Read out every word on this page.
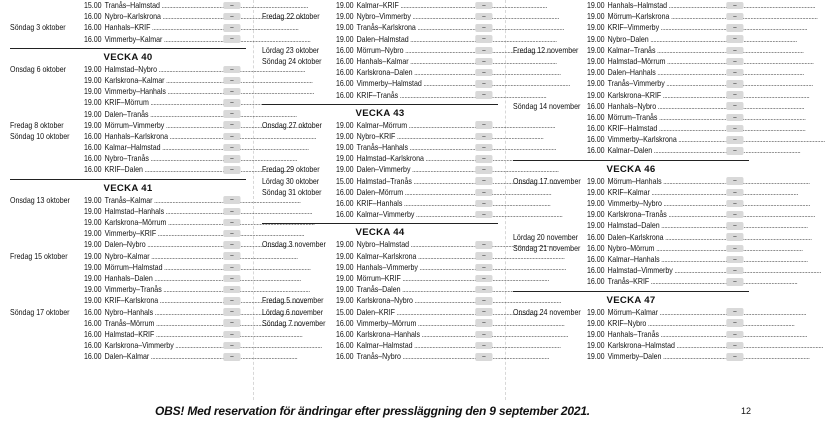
15.00 Tranås–Halmstad .....	–
16.00 Nybro–Karlskrona .....	–
Söndag 3 oktober	16.00 Hanhals–KRIF .....	–
16.00 Vimmerby–Kalmar .....	–
VECKA 40
Onsdag 6 oktober	19.00 Halmstad–Nybro .....	–
19.00 Karlskrona–Kalmar .....	–
19.00 Vimmerby–Hanhals .....	–
19.00 KRIF–Mörrum .....	–
19.00 Dalen–Tranås .....	–
Fredag 8 oktober	19.00 Mörrum–Vimmerby .....	–
Söndag 10 oktober	16.00 Hanhals–Karlskrona .....	–
16.00 Kalmar–Halmstad .....	–
16.00 Nybro–Tranås .....	–
16.00 KRIF–Dalen .....	–
VECKA 41
Onsdag 13 oktober	19.00 Tranås–Kalmar .....	–
19.00 Halmstad–Hanhals .....	–
19.00 Karlskrona–Mörrum .....	–
19.00 Vimmerby–KRIF .....	–
19.00 Dalen–Nybro .....	–
Fredag 15 oktober	19.00 Nybro–Kalmar .....	–
19.00 Mörrum–Halmstad .....	–
19.00 Hanhals–Dalen .....	–
19.00 Vimmerby–Tranås .....	–
19.00 KRIF–Karlskrona .....	–
Söndag 17 oktober	16.00 Nybro–Hanhals .....	–
16.00 Tranås–Mörrum .....	–
16.00 Halmstad–KRIF .....	–
16.00 Karlskrona–Vimmerby .....	–
16.00 Dalen–Kalmar .....	–
19.00 Kalmar–KRIF .....	–
Fredag 22 oktober	19.00 Nybro–Vimmerby .....	–
19.00 Tranås–Karlskrona .....	–
19.00 Dalen–Halmstad .....	–
Lördag 23 oktober	16.00 Mörrum–Nybro .....	–
Söndag 24 oktober	16.00 Hanhals–Kalmar .....	–
16.00 Karlskrona–Dalen .....	–
16.00 Vimmerby–Halmstad .....	–
16.00 KRIF–Tranås .....	–
VECKA 43
Onsdag 27 oktober	19.00 Kalmar–Mörrum .....	–
19.00 Nybro–KRIF .....	–
19.00 Tranås–Hanhals .....	–
19.00 Halmstad–Karlskrona .....	–
Fredag 29 oktober	19.00 Dalen–Vimmerby .....	–
Lördag 30 oktober	15.00 Halmstad–Tranås .....	–
Söndag 31 oktober	16.00 Dalen–Mörrum .....	–
16.00 KRIF–Hanhals .....	–
16.00 Kalmar–Vimmerby .....	–
VECKA 44
Onsdag 3 november	19.00 Nybro–Halmstad .....	–
19.00 Kalmar–Karlskrona .....	–
19.00 Hanhals–Vimmerby .....	–
19.00 Mörrum–KRIF .....	–
19.00 Tranås–Dalen .....	–
Fredag 5 november	19.00 Karlskrona–Nybro .....	–
Lördag 6 november	15.00 Dalen–KRIF .....	–
Söndag 7 november	16.00 Vimmerby–Mörrum .....	–
16.00 Karlskrona–Hanhals .....	–
16.00 Kalmar–Halmstad .....	–
16.00 Tranås–Nybro .....	–
19.00 Hanhals–Halmstad .....	–
19.00 Mörrum–Karlskrona .....	–
19.00 KRIF–Vimmerby .....	–
19.00 Nybro–Dalen .....	–
Fredag 12 november	19.00 Kalmar–Tranås .....	–
19.00 Halmstad–Mörrum .....	–
19.00 Dalen–Hanhals .....	–
19.00 Tranås–Vimmerby .....	–
19.00 Karlskrona–KRIF .....	–
Söndag 14 november 16.00 Hanhals–Nybro .....	–
16.00 Mörrum–Tranås .....	–
16.00 KRIF–Halmstad .....	–
16.00 Vimmerby–Karlskrona .....	–
16.00 Kalmar–Dalen .....	–
VECKA 46
Onsdag 17 november 19.00 Mörrum–Hanhals .....	–
19.00 KRIF–Kalmar .....	–
19.00 Vimmerby–Nybro .....	–
19.00 Karlskrona–Tranås .....	–
19.00 Halmstad–Dalen .....	–
Lördag 20 november	16.00 Dalen–Karlskrona .....	–
Söndag 21 november 16.00 Nybro–Mörrum .....	–
16.00 Kalmar–Hanhals .....	–
16.00 Halmstad–Vimmerby .....	–
16.00 Tranås–KRIF .....	–
VECKA 47
Onsdag 24 november 19.00 Mörrum–Kalmar .....	–
19.00 KRIF–Nybro .....	–
19.00 Hanhals–Tranås .....	–
19.00 Karlskrona–Halmstad .....	–
19.00 Vimmerby–Dalen .....	–
OBS! Med reservation för ändringar efter pressläggning den 9 september 2021.	12
